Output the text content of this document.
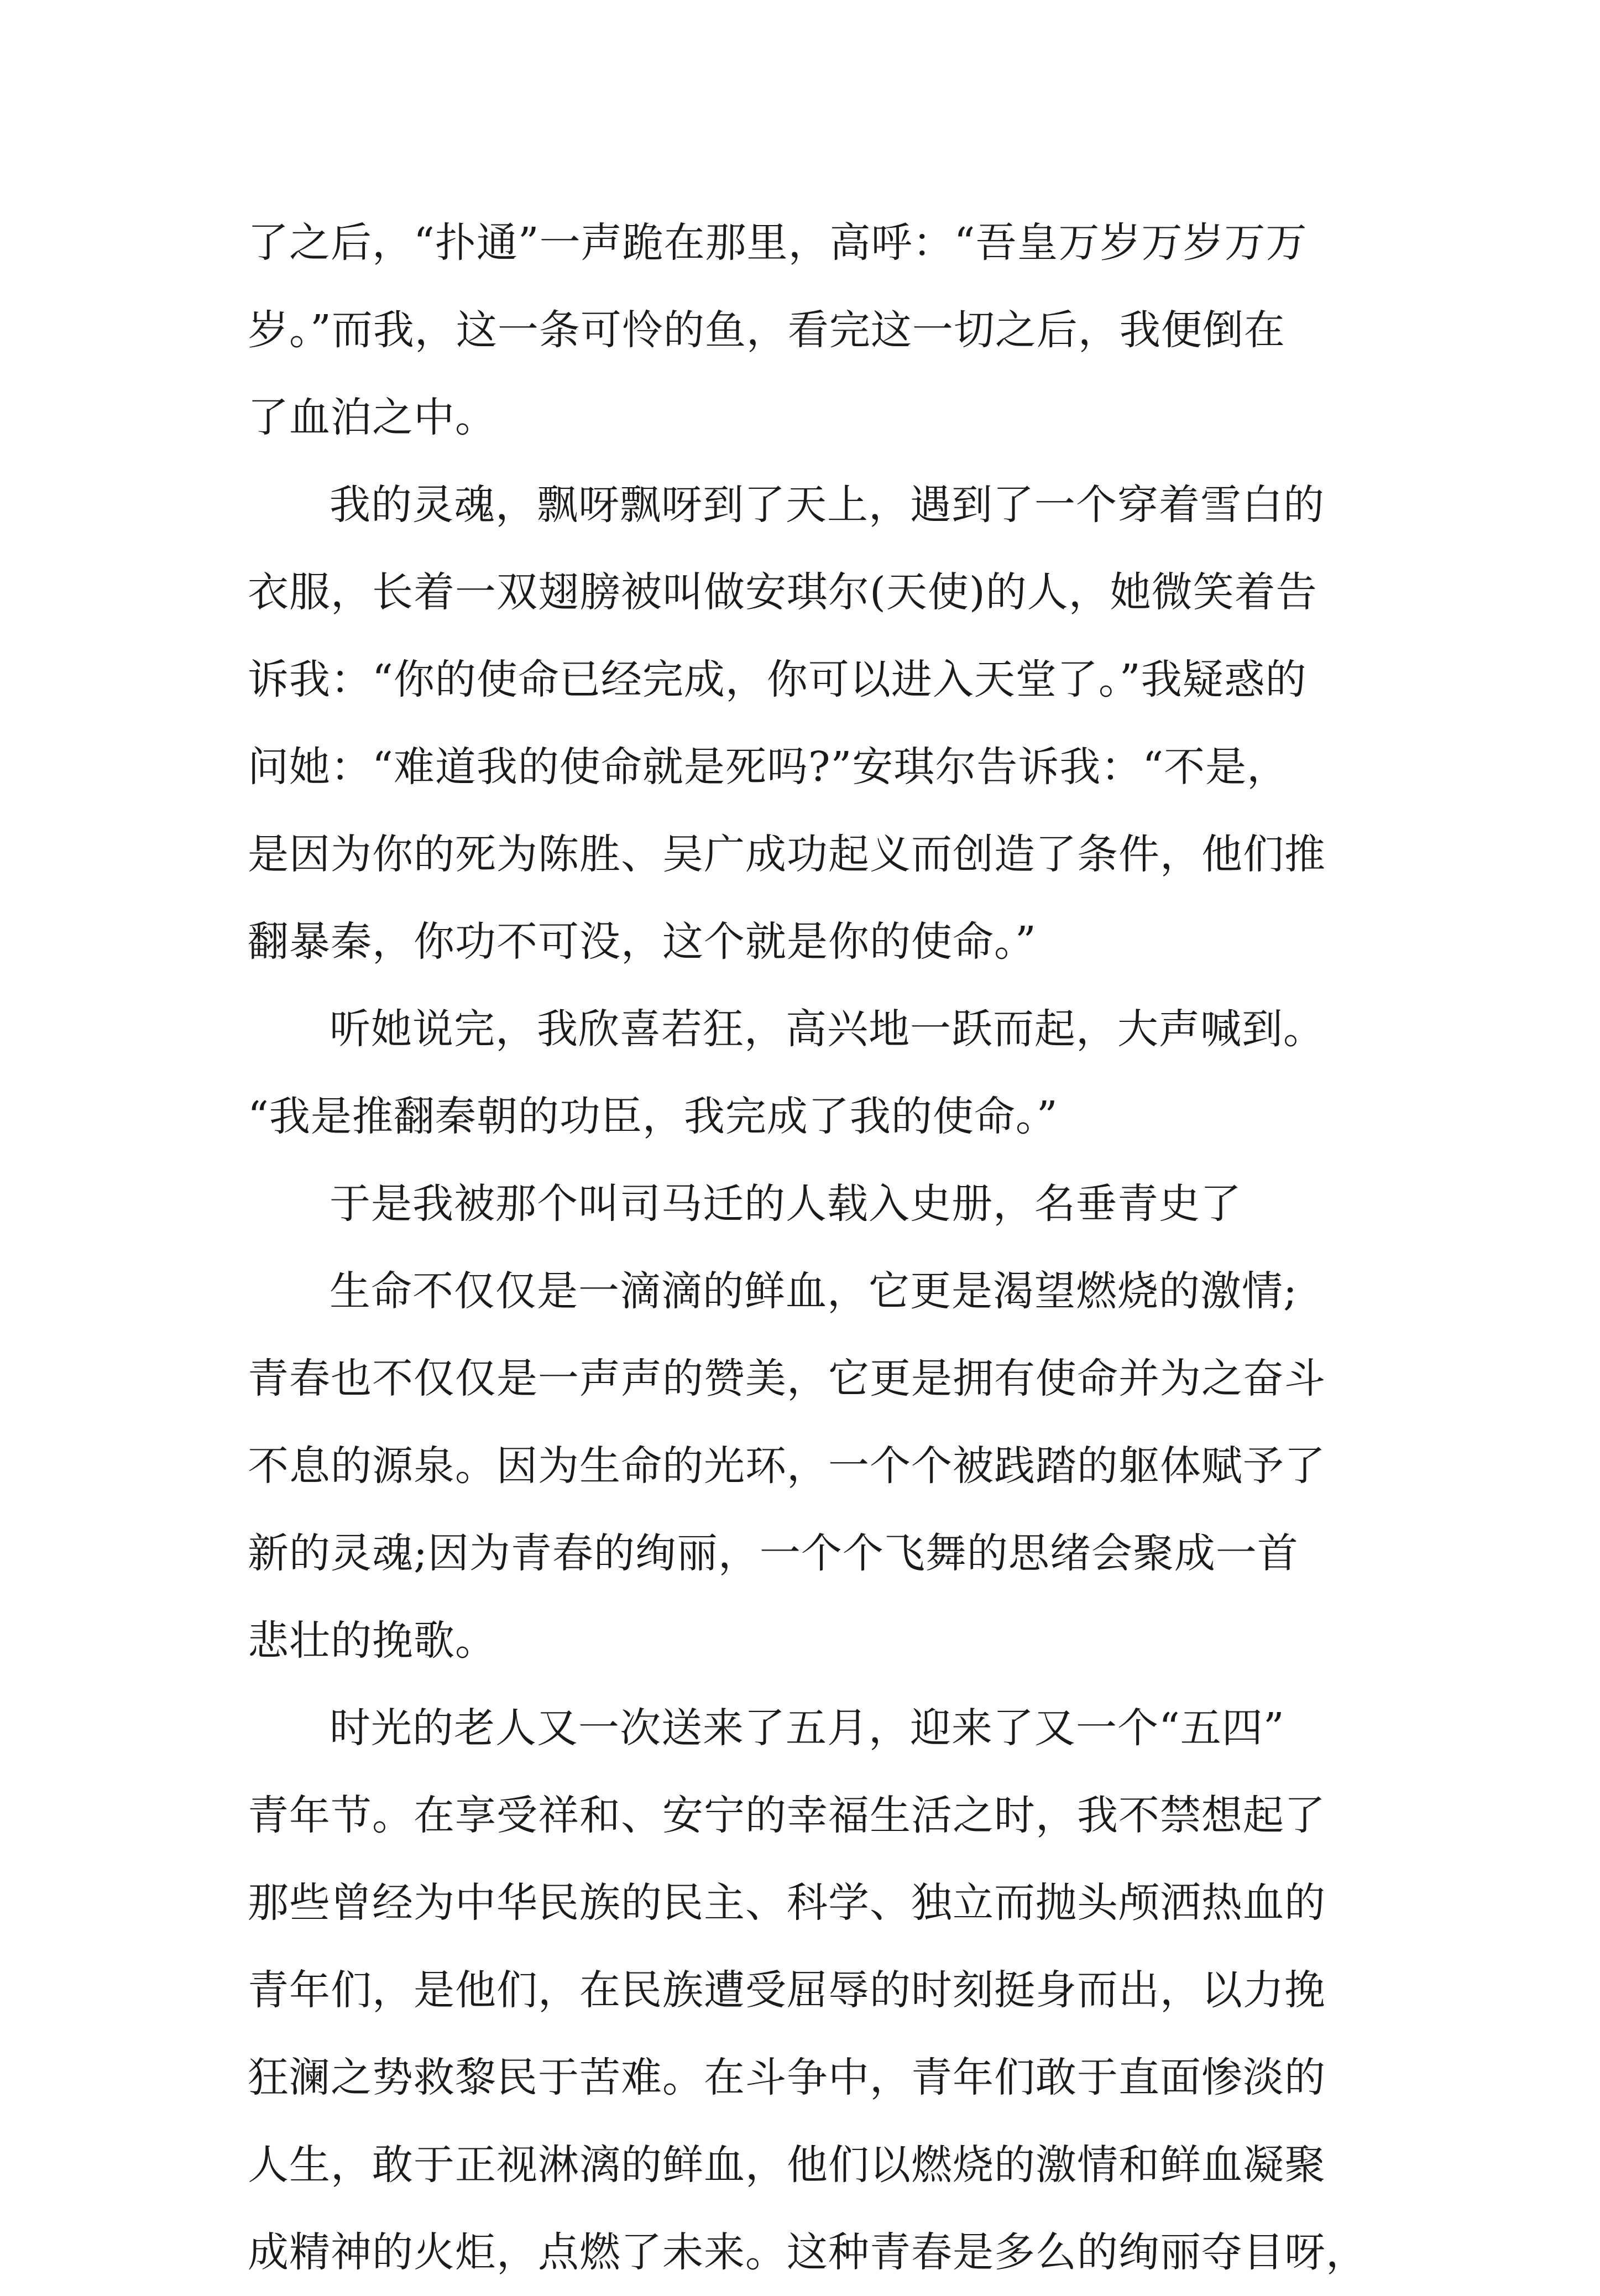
了之后，“扑通”一声跪在那里，高呼：“吾皇万岁万岁万万
岁。”而我，这一条可怜的鱼，看完这一切之后，我便倒在
了血泊之中。
我的灵魂，飘呀飘呀到了天上，遇到了一个穿着雪白的
衣服，长着一双翅膀被叫做安琪尔(天使)的人，她微笑着告
诉我：“你的使命已经完成，你可以进入天堂了。”我疑惑的
问她：“难道我的使命就是死吗?”安琪尔告诉我：“不是，
是因为你的死为陈胜、吴广成功起义而创造了条件，他们推
翻暴秦，你功不可没，这个就是你的使命。”
听她说完，我欣喜若狂，高兴地一跃而起，大声喊到。
“我是推翻秦朝的功臣，我完成了我的使命。”
于是我被那个叫司马迁的人载入史册，名垂青史了
生命不仅仅是一滴滴的鲜血，它更是渴望燃烧的激情;
青春也不仅仅是一声声的赞美，它更是拥有使命并为之奋斗
不息的源泉。因为生命的光环，一个个被践踏的躯体赋予了
新的灵魂;因为青春的绚丽，一个个飞舞的思绪会聚成一首
悲壮的挽歌。
时光的老人又一次送来了五月，迎来了又一个“五四”
青年节。在享受祥和、安宁的幸福生活之时，我不禁想起了
那些曾经为中华民族的民主、科学、独立而抛头颅洒热血的
青年们，是他们，在民族遭受屈辱的时刻挺身而出，以力挽
狂澜之势救黎民于苦难。在斗争中，青年们敢于直面惨淡的
人生，敢于正视淋漓的鲜血，他们以燃烧的激情和鲜血凝聚
成精神的火炬，点燃了未来。这种青春是多么的绚丽夺目呀，
